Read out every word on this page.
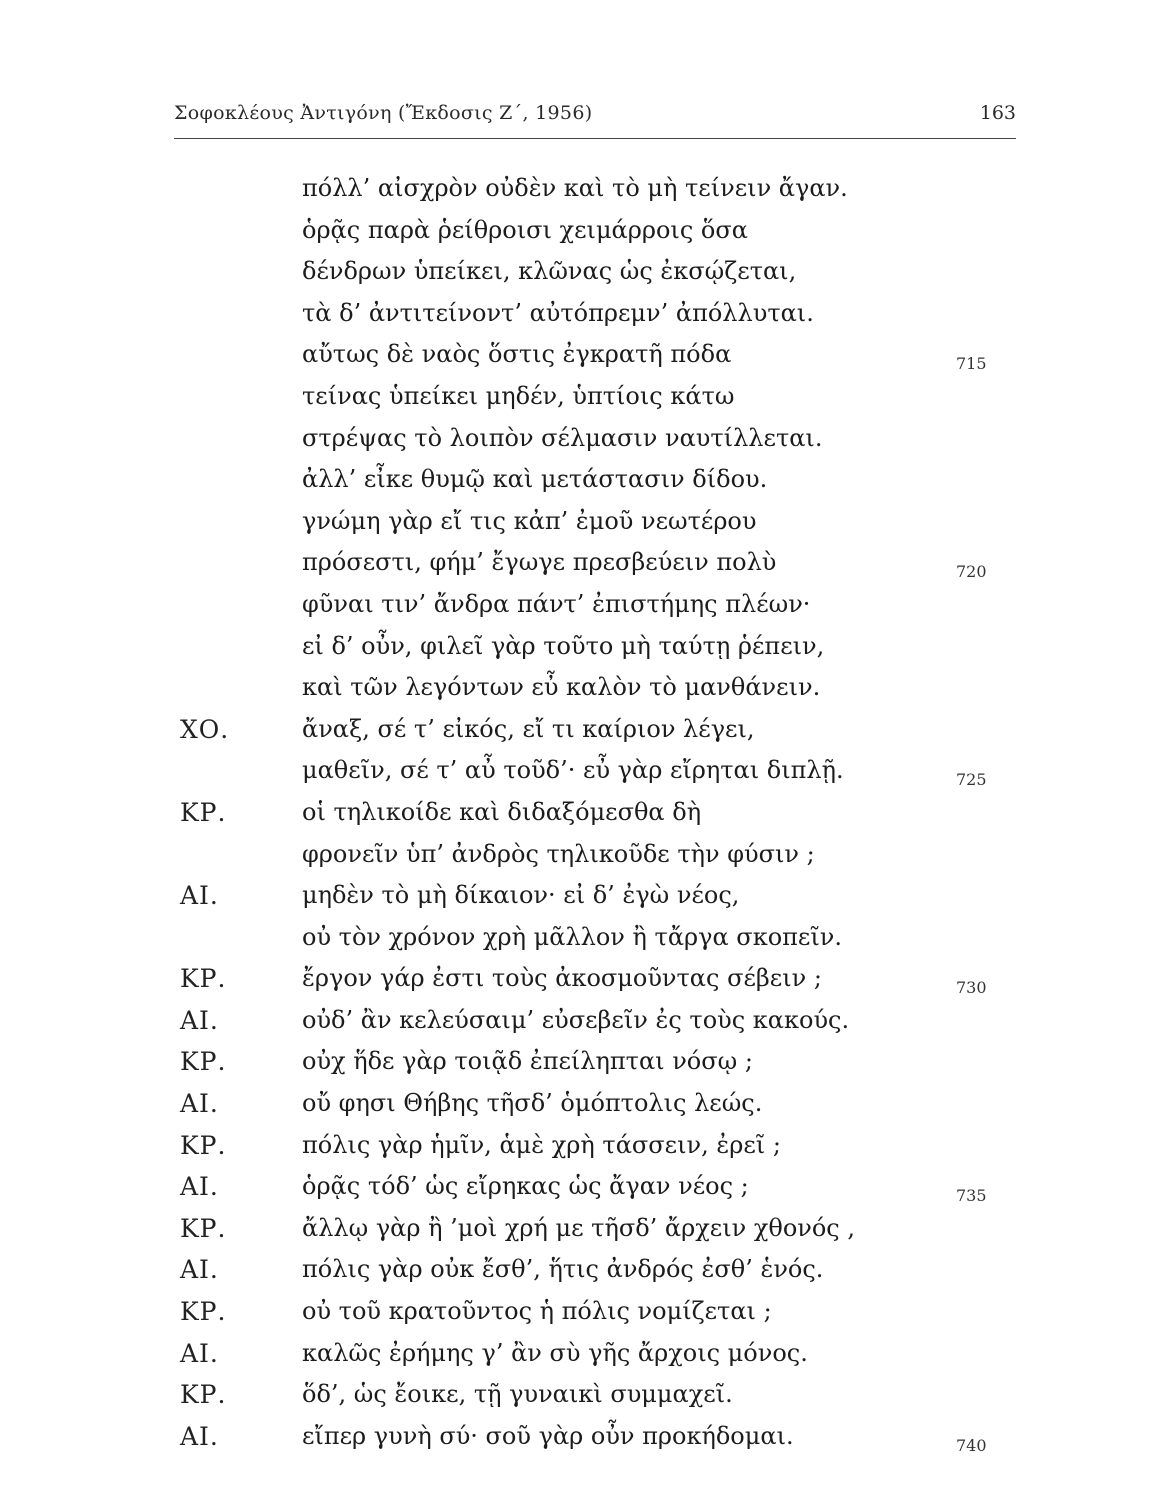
Σοφοκλέους Ἀντιγόνη (Ἔκδοσις Ζ΄, 1956)	163
πόλλ’ αἰσχρὸν οὐδὲν καὶ τὸ μὴ τείνειν ἄγαν.
ὁρᾷς παρὰ ῥείθροισι χειμάρροις ὅσα
δένδρων ὑπείκει, κλῶνας ὡς ἐκσῴζεται,
τὰ δ’ ἀντιτείνοντ’ αὐτόπρεμν’ ἀπόλλυται.
αὔτως δὲ ναὸς ὅστις ἐγκρατῆ πόδα	715
τείνας ὑπείκει μηδέν, ὑπτίοις κάτω
στρέψας τὸ λοιπὸν σέλμασιν ναυτίλλεται.
ἀλλ’ εἶκε θυμῷ καὶ μετάστασιν δίδου.
γνώμη γὰρ εἴ τις κἀπ’ ἐμοῦ νεωτέρου
πρόσεστι, φήμ’ ἔγωγε πρεσβεύειν πολὺ	720
φῦναι τιν’ ἄνδρα πάντ’ ἐπιστήμης πλέων·
εἰ δ’ οὖν, φιλεῖ γὰρ τοῦτο μὴ ταύτῃ ῥέπειν,
καὶ τῶν λεγόντων εὖ καλὸν τὸ μανθάνειν.
ΧΟ.	ἄναξ, σέ τ’ εἰκός, εἴ τι καίριον λέγει,
μαθεῖν, σέ τ’ αὖ τοῦδ’· εὖ γὰρ εἴρηται διπλῇ.	725
ΚΡ.	οἱ τηλικοίδε καὶ διδαξόμεσθα δὴ
φρονεῖν ὑπ’ ἀνδρὸς τηλικοῦδε τὴν φύσιν ;
ΑΙ.	μηδὲν τὸ μὴ δίκαιον· εἰ δ’ ἐγὼ νέος,
οὐ τὸν χρόνον χρὴ μᾶλλον ἢ τἄργα σκοπεῖν.
ΚΡ.	ἔργον γάρ ἐστι τοὺς ἀκοσμοῦντας σέβειν ;	730
ΑΙ.	οὐδ’ ἂν κελεύσαιμ’ εὐσεβεῖν ἐς τοὺς κακούς.
ΚΡ.	οὐχ ἥδε γὰρ τοιᾷδ ἐπείληπται νόσῳ ;
ΑΙ.	οὔ φησι Θήβης τῆσδ’ ὁμόπτολις λεώς.
ΚΡ.	πόλις γὰρ ἡμῖν, ἁμὲ χρὴ τάσσειν, ἐρεῖ ;
ΑΙ.	ὁρᾷς τόδ’ ὡς εἴρηκας ὡς ἄγαν νέος ;	735
ΚΡ.	ἄλλῳ γὰρ ἢ ’μοὶ χρή με τῆσδ’ ἄρχειν χθονός ,
ΑΙ.	πόλις γὰρ οὐκ ἔσθ’, ἥτις ἀνδρός ἐσθ’ ἑνός.
ΚΡ.	οὐ τοῦ κρατοῦντος ἡ πόλις νομίζεται ;
ΑΙ.	καλῶς ἐρήμης γ’ ἂν σὺ γῆς ἄρχοις μόνος.
ΚΡ.	ὅδ’, ὡς ἔοικε, τῇ γυναικὶ συμμαχεῖ.
ΑΙ.	εἴπερ γυνὴ σύ· σοῦ γὰρ οὖν προκήδομαι.	740
